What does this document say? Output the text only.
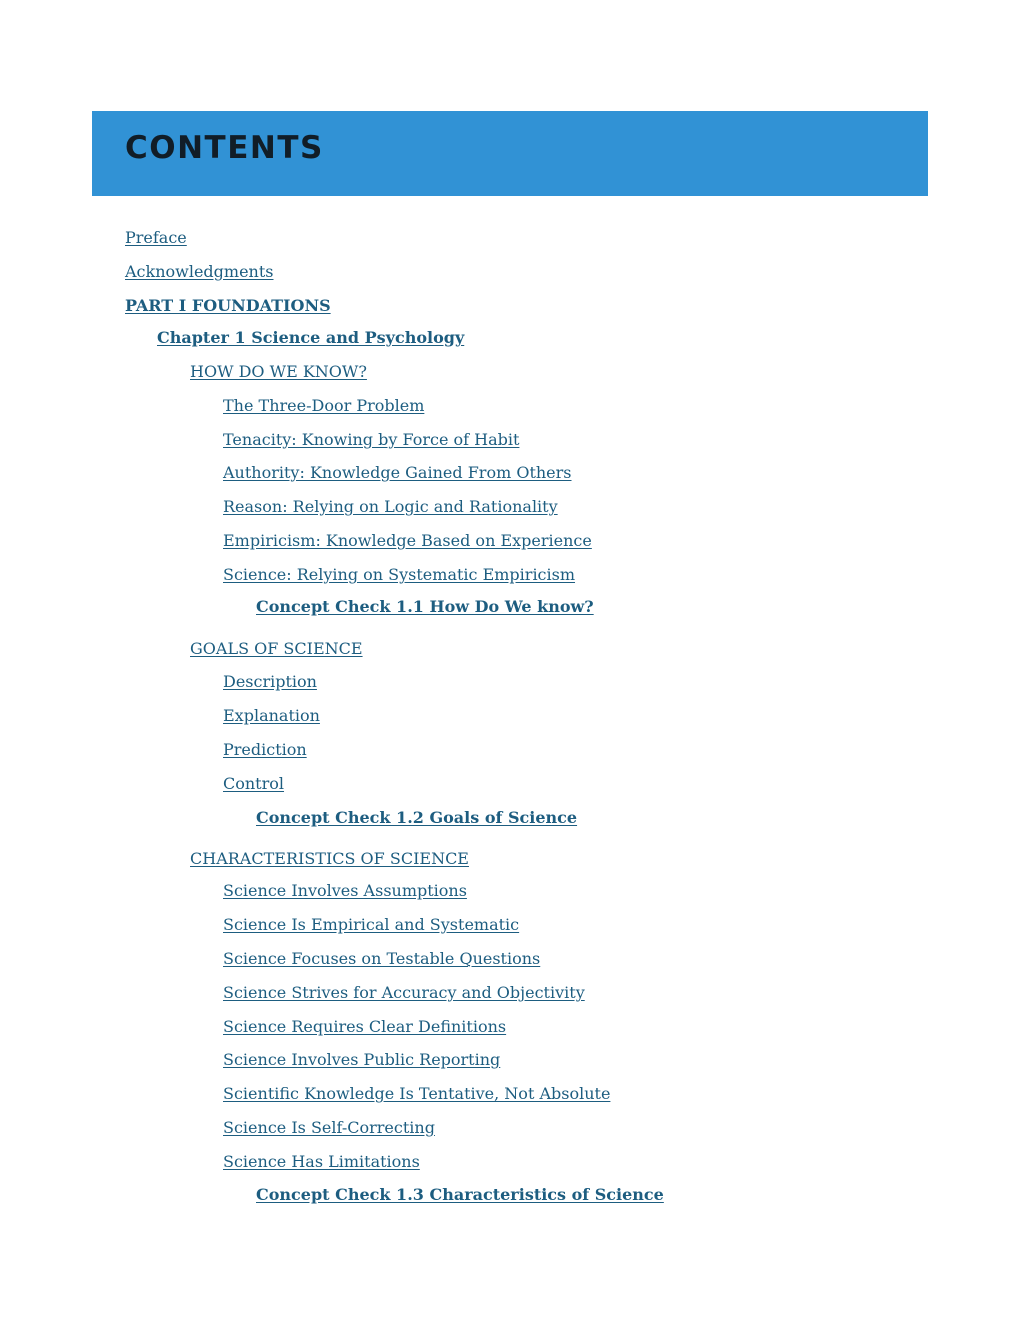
CONTENTS
Preface
Acknowledgments
PART I FOUNDATIONS
Chapter 1 Science and Psychology
HOW DO WE KNOW?
The Three-Door Problem
Tenacity: Knowing by Force of Habit
Authority: Knowledge Gained From Others
Reason: Relying on Logic and Rationality
Empiricism: Knowledge Based on Experience
Science: Relying on Systematic Empiricism
Concept Check 1.1 How Do We know?
GOALS OF SCIENCE
Description
Explanation
Prediction
Control
Concept Check 1.2 Goals of Science
CHARACTERISTICS OF SCIENCE
Science Involves Assumptions
Science Is Empirical and Systematic
Science Focuses on Testable Questions
Science Strives for Accuracy and Objectivity
Science Requires Clear Definitions
Science Involves Public Reporting
Scientific Knowledge Is Tentative, Not Absolute
Science Is Self-Correcting
Science Has Limitations
Concept Check 1.3 Characteristics of Science
